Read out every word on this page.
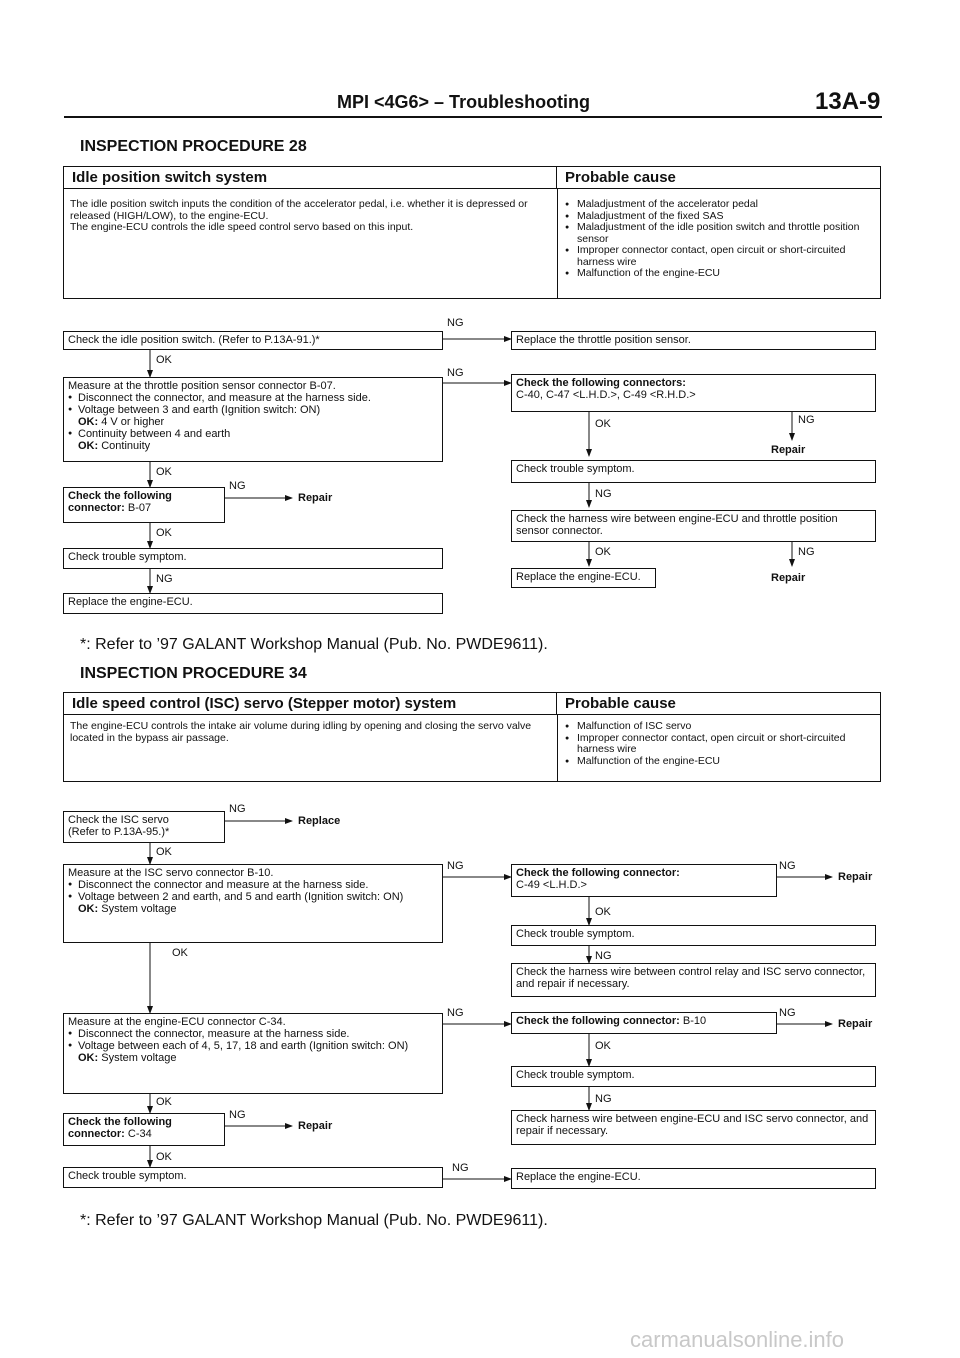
MPI <4G6> – Troubleshooting	13A-9
INSPECTION PROCEDURE 28
Idle position switch system	Probable cause
The idle position switch inputs the condition of the accelerator pedal, i.e. whether it is depressed or released (HIGH/LOW), to the engine-ECU.
The engine-ECU controls the idle speed control servo based on this input.
● Maladjustment of the accelerator pedal
● Maladjustment of the fixed SAS
● Maladjustment of the idle position switch and throttle position sensor
● Improper connector contact, open circuit or short-circuited harness wire
● Malfunction of the engine-ECU
Check the idle position switch. (Refer to P.13A-91.)*	Replace the throttle position sensor.
Measure at the throttle position sensor connector B-07.
● Disconnect the connector, and measure at the harness side.
● Voltage between 3 and earth (Ignition switch: ON)
OK: 4 V or higher
● Continuity between 4 and earth
OK: Continuity
Check the following
connector: B-07
Repair
Check trouble symptom.
Replace the engine-ECU.
Check the following connectors:
C-40, C-47 <L.H.D.>, C-49 <R.H.D.>
Repair
Check trouble symptom.
Check the harness wire between engine-ECU and throttle position sensor connector.
Replace the engine-ECU.	Repair
NG
OK
NG
OK
NG
OK
NG
OK	NG
NG
OK	NG
*: Refer to ’97 GALANT Workshop Manual (Pub. No. PWDE9611).
INSPECTION PROCEDURE 34
Idle speed control (ISC) servo (Stepper motor) system	Probable cause
The engine-ECU controls the intake air volume during idling by opening and closing the servo valve located in the bypass air passage.
● Malfunction of ISC servo
● Improper connector contact, open circuit or short-circuited harness wire
● Malfunction of the engine-ECU
Check the ISC servo
(Refer to P.13A-95.)*
Replace
Measure at the ISC servo connector B-10.
● Disconnect the connector and measure at the harness side.
● Voltage between 2 and earth, and 5 and earth (Ignition switch: ON)
OK: System voltage
Measure at the engine-ECU connector C-34.
● Disconnect the connector, measure at the harness side.
● Voltage between each of 4, 5, 17, 18 and earth (Ignition switch: ON)
OK: System voltage
Check the following
connector: C-34
Repair
Check trouble symptom.
Check the following connector:
C-49 <L.H.D.>
Repair
Check trouble symptom.
Check the harness wire between control relay and ISC servo connector, and repair if necessary.
Check the following connector: B-10	Repair
Check trouble symptom.
Check harness wire between engine-ECU and ISC servo connector, and repair if necessary.
Replace the engine-ECU.
NG
OK
NG	NG
OK
NG
OK
NG	NG
OK
OK	NG
NG
OK
NG
*: Refer to ’97 GALANT Workshop Manual (Pub. No. PWDE9611).
carmanualsonline.info
